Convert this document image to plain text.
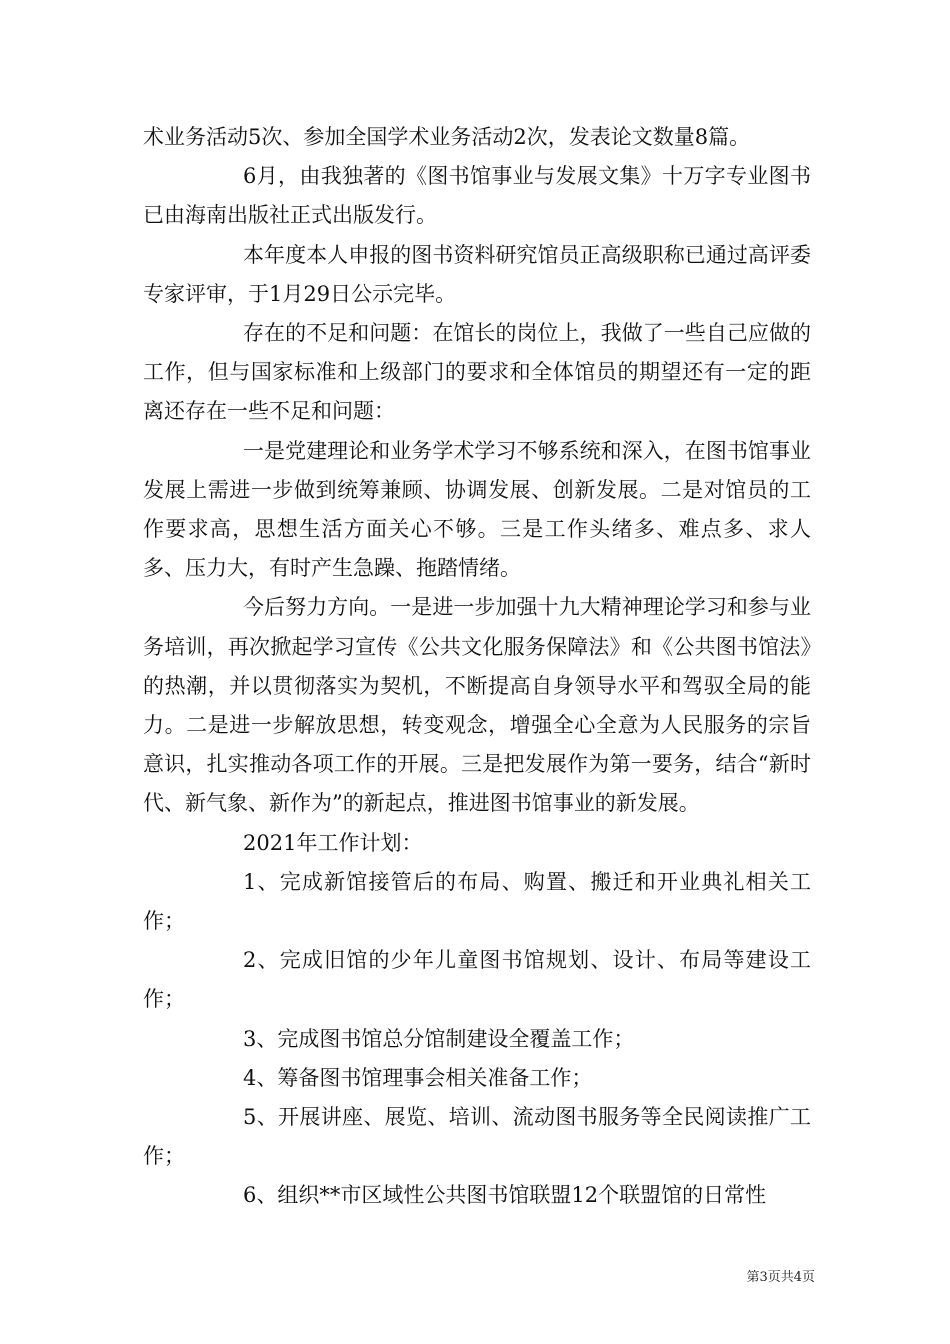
术业务活动5次、参加全国学术业务活动2次，发表论文数量8篇。

6月，由我独著的《图书馆事业与发展文集》十万字专业图书已由海南出版社正式出版发行。

本年度本人申报的图书资料研究馆员正高级职称已通过高评委专家评审，于1月29日公示完毕。

存在的不足和问题：在馆长的岗位上，我做了一些自己应做的工作，但与国家标准和上级部门的要求和全体馆员的期望还有一定的距离还存在一些不足和问题：

一是党建理论和业务学术学习不够系统和深入，在图书馆事业发展上需进一步做到统筹兼顾、协调发展、创新发展。二是对馆员的工作要求高，思想生活方面关心不够。三是工作头绪多、难点多、求人多、压力大，有时产生急躁、拖踏情绪。

今后努力方向。一是进一步加强十九大精神理论学习和参与业务培训，再次掀起学习宣传《公共文化服务保障法》和《公共图书馆法》的热潮，并以贯彻落实为契机，不断提高自身领导水平和驾驭全局的能力。二是进一步解放思想，转变观念，增强全心全意为人民服务的宗旨意识，扎实推动各项工作的开展。三是把发展作为第一要务，结合“新时代、新气象、新作为”的新起点，推进图书馆事业的新发展。

2021年工作计划：

1、完成新馆接管后的布局、购置、搬迁和开业典礼相关工作；

2、完成旧馆的少年儿童图书馆规划、设计、布局等建设工作；

3、完成图书馆总分馆制建设全覆盖工作；

4、筹备图书馆理事会相关准备工作；

5、开展讲座、展览、培训、流动图书服务等全民阅读推广工作；

6、组织**市区域性公共图书馆联盟12个联盟馆的日常性

第3页共4页
